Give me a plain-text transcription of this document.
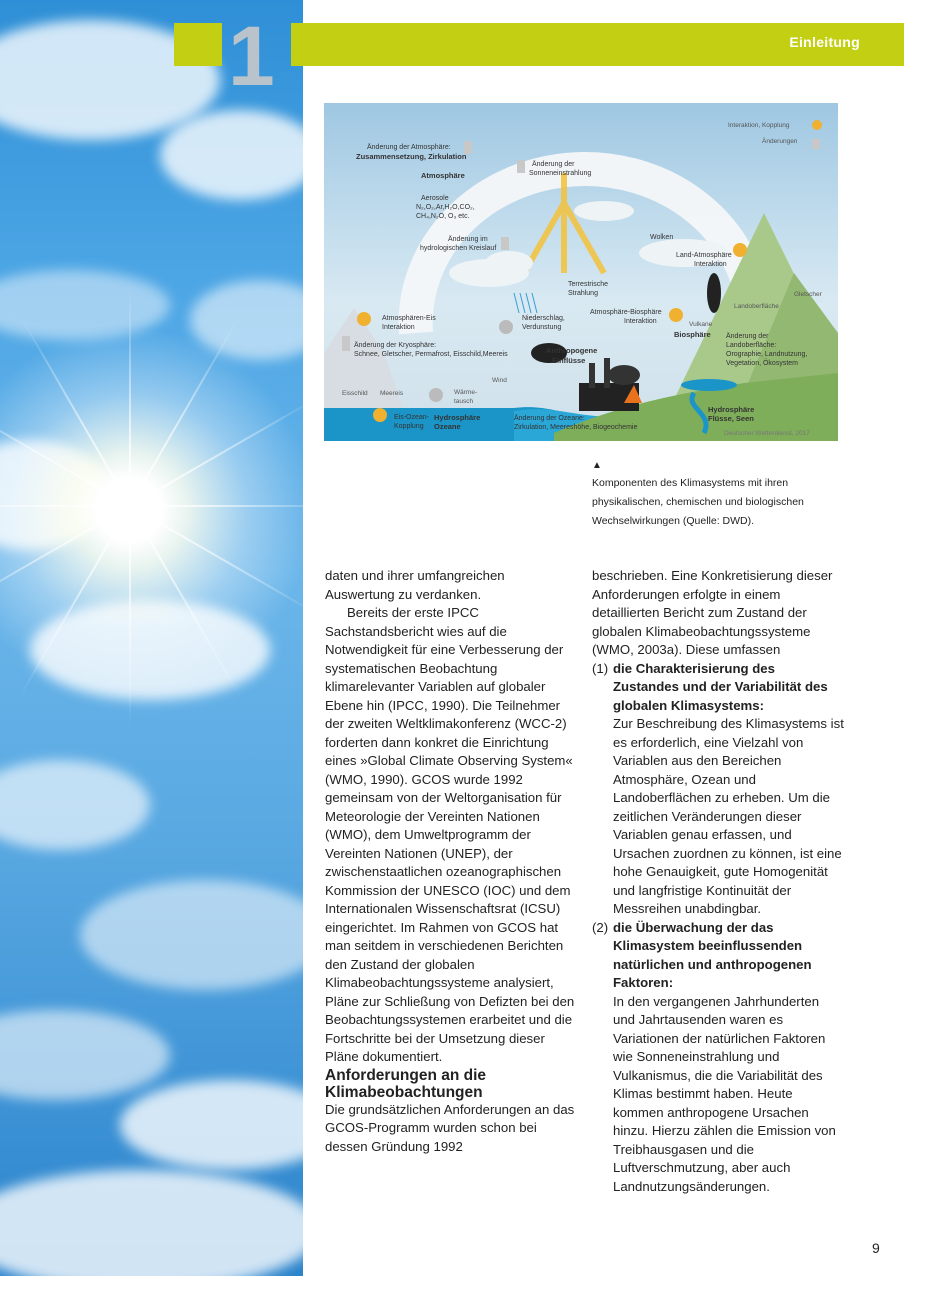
1	Einleitung
Änderung der Atmosphäre:
Zusammensetzung, Zirkulation
Atmosphäre
Änderung der
Sonneneinstrahlung
Aerosole
N₂,O₂,Ar,H₂O,CO₂,
CH₄,N₂O, O₃ etc.
Änderung im
hydrologischen Kreislauf
Wolken
Land-Atmosphäre
Interaktion
Terrestrische
Strahlung	Gletscher
Landoberfläche
Atmosphären-Eis
Interaktion
Niederschlag,
Verdunstung
Atmosphäre-Biosphäre
Interaktion	Vulkane
Biosphäre
Änderung der Kryosphäre:
Schnee, Gletscher, Permafrost, Eisschild,Meereis	Anthropogene
Einflüsse
Änderung der
Landoberfläche:
Orographie, Landnutzung,
Vegetation, Ökosystem
Eisschild Meereis	Wärme-
tausch
Wind
Eis-Ozean-
Kopplung
Hydrosphäre
Ozeane
Änderung der Ozeane:
Zirkulation, Meereshöhe, Biogeochemie
Hydrosphäre
Flüsse, Seen
Interaktion, Kopplung
Änderungen
Deutscher Wetterdienst, 2017
▲
Komponenten des Klimasystems mit ihren physikalischen, chemischen und biologischen Wechselwirkungen (Quelle: DWD).

daten und ihrer umfangreichen Auswertung zu verdanken.

Bereits der erste IPCC Sachstandsbericht wies auf die Notwendigkeit für eine Verbesserung der systematischen Beobachtung klimarelevanter Variablen auf globaler Ebene hin (IPCC, 1990). Die Teilnehmer der zweiten Weltklimakonferenz (WCC-2) forderten dann konkret die Einrichtung eines »Global Climate Observing System« (WMO, 1990). GCOS wurde 1992 gemeinsam von der Weltorganisation für Meteorologie der Vereinten Nationen (WMO), dem Umweltprogramm der Vereinten Nationen (UNEP), der zwischenstaatlichen ozeanographischen Kommission der UNESCO (IOC) und dem Internationalen Wissenschaftsrat (ICSU) eingerichtet. Im Rahmen von GCOS hat man seitdem in verschiedenen Berichten den Zustand der globalen Klimabeobachtungssysteme analysiert, Pläne zur Schließung von Defizten bei den Beobachtungssystemen erarbeitet und die Fortschritte bei der Umsetzung dieser Pläne dokumentiert.

Anforderungen an die Klimabeobachtungen

Die grundsätzlichen Anforderungen an das GCOS-Programm wurden schon bei dessen Gründung 1992

beschrieben. Eine Konkretisierung dieser Anforderungen erfolgte in einem detaillierten Bericht zum Zustand der globalen Klimabeobachtungssysteme (WMO, 2003a). Diese umfassen

(1) die Charakterisierung des Zustandes und der Variabilität des globalen Klimasystems:
Zur Beschreibung des Klimasystems ist es erforderlich, eine Vielzahl von Variablen aus den Bereichen Atmosphäre, Ozean und Landoberflächen zu erheben. Um die zeitlichen Veränderungen dieser Variablen genau erfassen, und Ursachen zuordnen zu können, ist eine hohe Genauigkeit, gute Homogenität und langfristige Kontinuität der Messreihen unabdingbar.
(2) die Überwachung der das Klimasystem beeinflussenden natürlichen und anthropogenen Faktoren:
In den vergangenen Jahrhunderten und Jahrtausenden waren es Variationen der natürlichen Faktoren wie Sonneneinstrahlung und Vulkanismus, die die Variabilität des Klimas bestimmt haben. Heute kommen anthropogene Ursachen hinzu. Hierzu zählen die Emission von Treibhausgasen und die Luftverschmutzung, aber auch Landnutzungsänderungen.
9
